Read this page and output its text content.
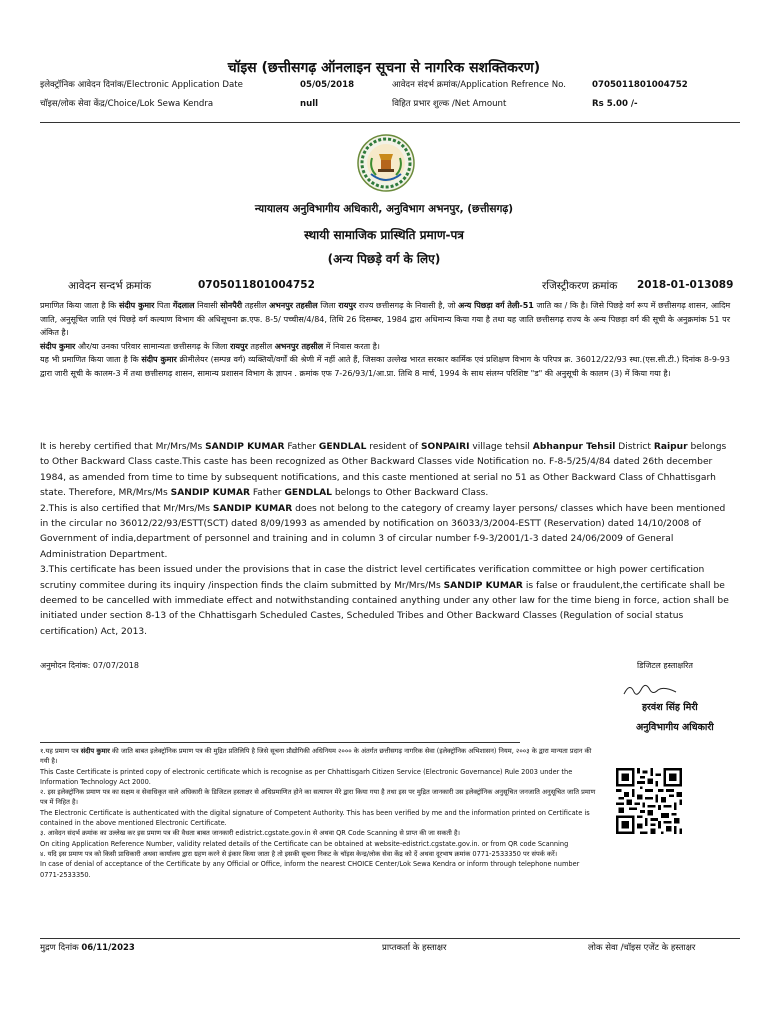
चॉइस (छत्तीसगढ़ ऑनलाइन सूचना से नागरिक सशक्तिकरण)
इलेक्ट्रॉनिक आवेदन दिनांक/Electronic Application Date	05/05/2018	आवेदन संदर्भ क्रमांक/Application Refrence No.	0705011801004752
चॉइस/लोक सेवा केंद्र/Choice/Lok Sewa Kendra	null	विहित प्रभार शुल्क /Net Amount	Rs 5.00 /-
न्यायालय अनुविभागीय अधिकारी, अनुविभाग अभनपुर, (छत्तीसगढ़)
स्थायी सामाजिक प्रास्थिति प्रमाण-पत्र
(अन्य पिछड़े वर्ग के लिए)
आवेदन सन्दर्भ क्रमांक	0705011801004752	रजिस्ट्रीकरण क्रमांक 2018-01-013089
प्रमाणित किया जाता है कि संदीप कुमार पिता गेंदलाल निवासी सोनपैरी तहसील अभनपुर तहसील जिला रायपुर राज्य छत्तीसगढ़ के निवासी है, जो अन्य पिछड़ा वर्ग तेली-51 जाति का / कि है। जिसे पिछड़े वर्ग रूप में छत्तीसगढ़ शासन, आदिम जाति, अनुसूचित जाति एवं पिछड़े वर्ग कल्याण विभाग की अधिसूचना क्र.एफ. 8-5/ पच्चीस/4/84, तिथि 26 दिसम्बर, 1984 द्वारा अधिमान्य किया गया है तथा यह जाति छत्तीसगढ़ राज्य के अन्य पिछड़ा वर्ग की सूची के अनुक्रमांक 51 पर अंकित है।
संदीप कुमार और/या उनका परिवार सामान्यतः छत्तीसगढ़ के जिला रायपुर तहसील अभनपुर तहसील में निवास करता है।
यह भी प्रमाणित किया जाता है कि संदीप कुमार क्रीमीलेयर (सम्पन्न वर्ग) व्यक्तियों/वर्गों की श्रेणी में नहीं आते हैं, जिसका उल्लेख भारत सरकार कार्मिक एवं प्रशिक्षण विभाग के परिपत्र क्र. 36012/22/93 स्था.(एस.सी.टी.) दिनांक 8-9-93 द्वारा जारी सूची के कालम-3 में तथा छत्तीसगढ़ शासन, सामान्य प्रशासन विभाग के ज्ञापन . क्रमांक एफ 7-26/93/1/आ.प्रा. तिथि 8 मार्च, 1994 के साथ संलग्न परिशिष्ट "ड" की अनुसूची के कालम (3) में किया गया है।

It is hereby certified that Mr/Mrs/Ms SANDIP KUMAR Father GENDLAL resident of SONPAIRI village tehsil Abhanpur Tehsil District Raipur belongs to Other Backward Class caste.This caste has been recognized as Other Backward Classes vide Notification no. F-8-5/25/4/84 dated 26th december 1984, as amended from time to time by subsequent notifications, and this caste mentioned at serial no 51 as Other Backward Class of Chhattisgarh state. Therefore, MR/Mrs/Ms SANDIP KUMAR Father GENDLAL belongs to Other Backward Class.

2.This is also certified that Mr/Mrs/Ms SANDIP KUMAR does not belong to the category of creamy layer persons/ classes which have been mentioned in the circular no 36012/22/93/ESTT(SCT) dated 8/09/1993 as amended by notification on 36033/3/2004-ESTT (Reservation) dated 14/10/2008 of Government of india,department of personnel and training and in column 3 of circular number f-9-3/2001/1-3 dated 24/06/2009 of General Administration Department.

3.This certificate has been issued under the provisions that in case the district level certificates verification committee or high power certification scrutiny commitee during its inquiry /inspection finds the claim submitted by Mr/Mrs/Ms SANDIP KUMAR is false or fraudulent,the certificate shall be deemed to be cancelled with immediate effect and notwithstanding contained anything under any other law for the time bieng in force, action shall be initiated under section 8-13 of the Chhattisgarh Scheduled Castes, Scheduled Tribes and Other Backward Classes (Regulation of social status certification) Act, 2013.

अनुमोदन दिनांक: 07/07/2018	डिजिटल हस्ताक्षरित
हरवंश सिंह मिरी
अनुविभागीय अधिकारी

१.यह प्रमाण पत्र संदीप कुमार की जाति बाबत इलेक्ट्रॉनिक प्रमाण पत्र की मुद्रित प्रतिलिपि है जिसे सूचना प्रौद्योगिकी अधिनियम २००० के अंतर्गत छत्तीसगढ़ नागरिक सेवा (इलेक्ट्रॉनिक अभिशासन) नियम, २००३ के द्वारा मान्यता प्रदान की गयी है।

This Caste Certificate is printed copy of electronic certificate which is recognise as per Chhattisgarh Citizen Service (Electronic Governance) Rule 2003 under the Information Technology Act 2000.

२. इस इलेक्ट्रॉनिक प्रमाण पत्र का सक्षम व सेवाधिकृत वाले अधिकारी के डिजिटल हस्ताक्षर से अधिप्रमाणित होने का सत्यापन मेरे द्वारा किया गया है तथा इस पर मुद्रित जानकारी उस इलेक्ट्रॉनिक अनुसूचित जनजाति अनुसूचित जाति प्रमाण पत्र में निहित है।

The Electronic Certificate is authenticated with the digital signature of Competent Authority. This has been verified by me and the information printed on Certificate is contained in the above mentioned Electronic Certificate.

३. आवेदन संदर्भ क्रमांक का उल्लेख कर इस प्रमाण पत्र की वैधता बाबत जानकारी edistrict.cgstate.gov.in से अथवा QR Code Scanning से प्राप्त की जा सकती है।

On citing Application Reference Number, validity related details of the Certificate can be obtained at website-edistrict.cgstate.gov.in. or from QR code Scanning

४. यदि इस प्रमाण पत्र को किसी प्राधिकारी अथवा कार्यालय द्वारा ग्रहण करने से इंकार किया जाता है तो इसकी सूचना निकट के चॉइस केन्द्र/लोक सेवा केंद्र को दें अथवा दूरभाष क्रमांक 0771-2533350 पर संपर्क करें।

In case of denial of acceptance of the Certificate by any Official or Office, inform the nearest CHOICE Center/Lok Sewa Kendra or inform through telephone number 0771-2533350.

मुद्रण दिनांक 06/11/2023	प्राप्तकर्ता के हस्ताक्षर	लोक सेवा /चॉइस एजेंट के हस्ताक्षर
